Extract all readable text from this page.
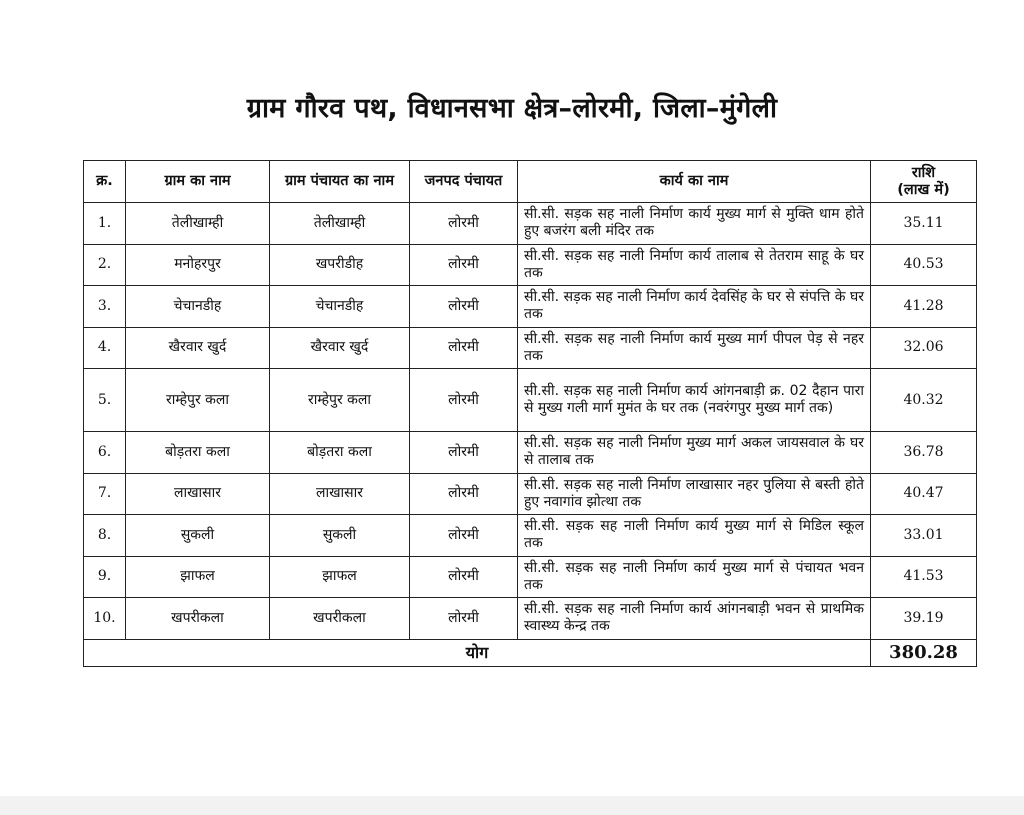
ग्राम गौरव पथ, विधानसभा क्षेत्र–लोरमी, जिला–मुंगेली
क्र.	ग्राम का नाम	ग्राम पंचायत का नाम	जनपद पंचायत	कार्य का नाम	राशि
(लाख में)

1.	तेलीखाम्ही	तेलीखाम्ही	लोरमी	सी.सी. सड़क सह नाली निर्माण कार्य मुख्य मार्ग से मुक्ति धाम होते हुए बजरंग बली मंदिर तक	35.11
2.	मनोहरपुर	खपरीडीह	लोरमी	सी.सी. सड़क सह नाली निर्माण कार्य तालाब से तेतराम साहू के घर तक	40.53
3.	चेचानडीह	चेचानडीह	लोरमी	सी.सी. सड़क सह नाली निर्माण कार्य देवसिंह के घर से संपत्ति के घर तक	41.28
4.	खैरवार खुर्द	खैरवार खुर्द	लोरमी	सी.सी. सड़क सह नाली निर्माण कार्य मुख्य मार्ग पीपल पेड़ से नहर तक	32.06
5.	राम्हेपुर कला	राम्हेपुर कला	लोरमी	सी.सी. सड़क सह नाली निर्माण कार्य आंगनबाड़ी क्र. 02 दैहान पारा से मुख्य गली मार्ग मुमंत के घर तक (नवरंगपुर मुख्य मार्ग तक)	40.32
6.	बोड़तरा कला	बोड़तरा कला	लोरमी	सी.सी. सड़क सह नाली निर्माण मुख्य मार्ग अकल जायसवाल के घर से तालाब तक	36.78
7.	लाखासार	लाखासार	लोरमी	सी.सी. सड़क सह नाली निर्माण लाखासार नहर पुलिया से बस्ती होते हुए नवागांव झोत्था तक	40.47
8.	सुकली	सुकली	लोरमी	सी.सी. सड़क सह नाली निर्माण कार्य मुख्य मार्ग से मिडिल स्कूल तक	33.01
9.	झाफल	झाफल	लोरमी	सी.सी. सड़क सह नाली निर्माण कार्य मुख्य मार्ग से पंचायत भवन तक	41.53
10.	खपरीकला	खपरीकला	लोरमी	सी.सी. सड़क सह नाली निर्माण कार्य आंगनबाड़ी भवन से प्राथमिक स्वास्थ्य केन्द्र तक	39.19
योग					380.28
